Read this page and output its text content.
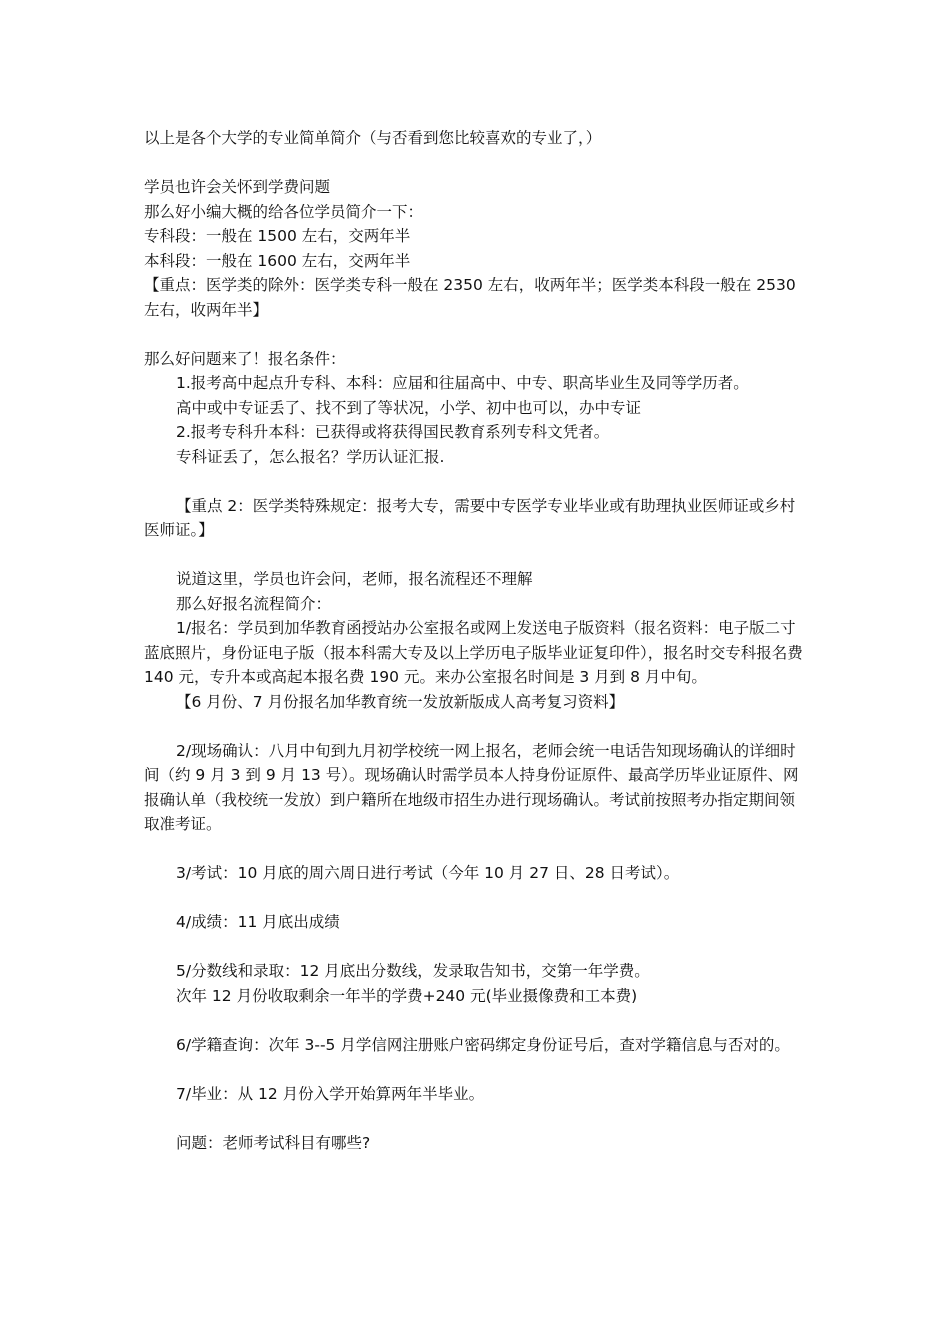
以上是各个大学的专业简单简介（与否看到您比较喜欢的专业了，）
学员也许会关怀到学费问题
那么好小编大概的给各位学员简介一下：
专科段：一般在 1500 左右，交两年半
本科段：一般在 1600 左右，交两年半
【重点：医学类的除外：医学类专科一般在 2350 左右，收两年半；医学类本科段一般在 2530 左右，收两年半】
那么好问题来了！报名条件：
1.报考高中起点升专科、本科：应届和往届高中、中专、职高毕业生及同等学历者。
高中或中专证丢了、找不到了等状况，小学、初中也可以，办中专证
2.报考专科升本科：已获得或将获得国民教育系列专科文凭者。
专科证丢了，怎么报名？学历认证汇报.
【重点 2：医学类特殊规定：报考大专，需要中专医学专业毕业或有助理执业医师证或乡村医师证。】
说道这里，学员也许会问，老师，报名流程还不理解
那么好报名流程简介：
1/报名：学员到加华教育函授站办公室报名或网上发送电子版资料（报名资料：电子版二寸蓝底照片，身份证电子版（报本科需大专及以上学历电子版毕业证复印件），报名时交专科报名费 140 元，专升本或高起本报名费 190 元。来办公室报名时间是 3 月到 8 月中旬。
【6 月份、7 月份报名加华教育统一发放新版成人高考复习资料】
2/现场确认：八月中旬到九月初学校统一网上报名，老师会统一电话告知现场确认的详细时间（约 9 月 3 到 9 月 13 号）。现场确认时需学员本人持身份证原件、最高学历毕业证原件、网报确认单（我校统一发放）到户籍所在地级市招生办进行现场确认。考试前按照考办指定期间领取准考证。
3/考试：10 月底的周六周日进行考试（今年 10 月 27 日、28 日考试）。
4/成绩：11 月底出成绩
5/分数线和录取：12 月底出分数线，发录取告知书，交第一年学费。
次年 12 月份收取剩余一年半的学费+240 元(毕业摄像费和工本费)
6/学籍查询：次年 3--5 月学信网注册账户密码绑定身份证号后，查对学籍信息与否对的。
7/毕业：从 12 月份入学开始算两年半毕业。
问题：老师考试科目有哪些?
